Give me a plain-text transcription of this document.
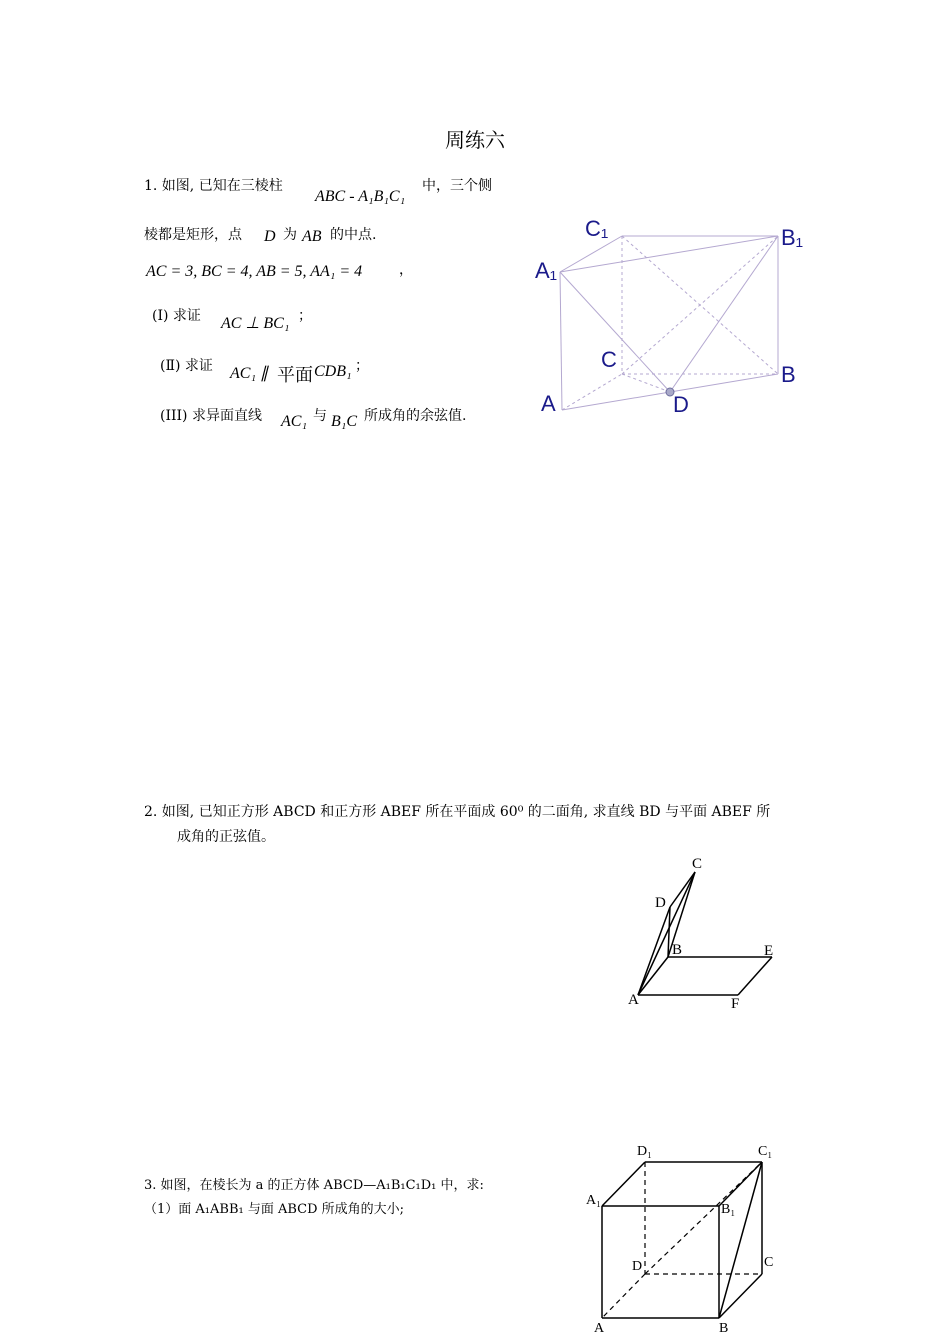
周练六
1. 如图, 已知在三棱柱
ABC - A₁B₁C₁
中，三个侧
棱都是矩形，点 D 为 AB 的中点.
AC = 3, BC = 4, AB = 5, AA₁ = 4	，
(Ⅰ) 求证 AC ⊥ BC₁ ；
(Ⅱ) 求证 AC₁ ∥ 平面 CDB₁ ；
(III) 求异面直线 AC₁ 与 B₁C 所成角的余弦值.
C₁	B₁
A₁
C
B
A	D
2. 如图, 已知正方形 ABCD 和正方形 ABEF 所在平面成 60⁰ 的二面角, 求直线 BD 与平面 ABEF 所
成角的正弦值。
C
D
B	E
A	F
3. 如图，在棱长为 a 的正方体 ABCD—A₁B₁C₁D₁ 中，求:
（1）面 A₁ABB₁ 与面 ABCD 所成角的大小;
D₁	C₁
A₁
B₁
C
D
A	B
